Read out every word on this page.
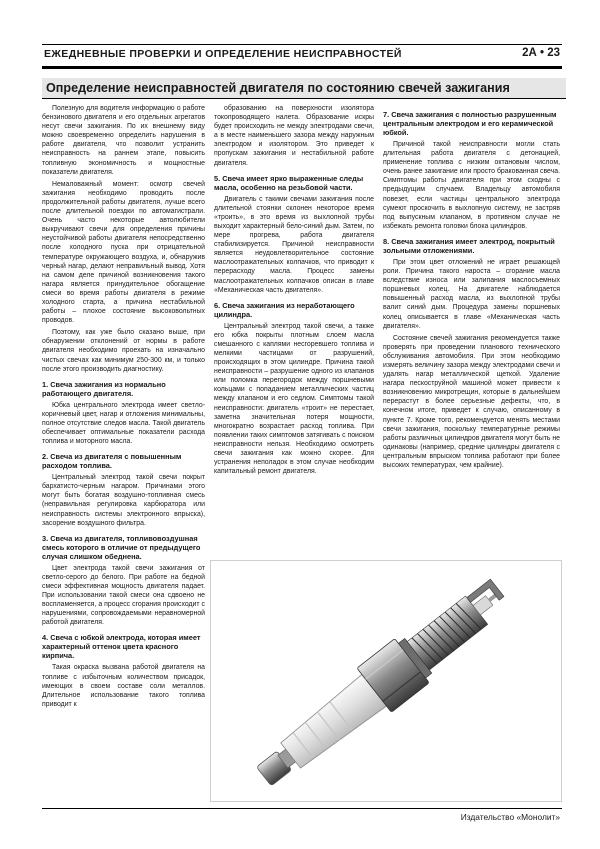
ЕЖЕДНЕВНЫЕ ПРОВЕРКИ И ОПРЕДЕЛЕНИЕ НЕИСПРАВНОСТЕЙ	2А • 23
Определение неисправностей двигателя по состоянию свечей зажигания

Полезную для водителя информацию о работе бензинового двигателя и его отдельных агрегатов несут свечи зажигания. По их внешнему виду можно своевременно определить нарушения в работе двигателя, что позволит устранить неисправность на раннем этапе, повысить топливную экономичность и мощностные показатели двигателя.

Немаловажный момент: осмотр свечей зажигания необходимо проводить после продолжительной работы двигателя, лучше всего после длительной поездки по автомагистрали. Очень часто некоторые автолюбители выкручивают свечи для определения причины неустойчивой работы двигателя непосредственно после холодного пуска при отрицательной температуре окружающего воздуха, и, обнаружив черный нагар, делают неправильный вывод. Хотя на самом деле причиной возникновения такого нагара является принудительное обогащение смеси во время работы двигателя в режиме холодного старта, а причина нестабильной работы – плохое состояние высоковольтных проводов.

Поэтому, как уже было сказано выше, при обнаружении отклонений от нормы в работе двигателя необходимо проехать на изначально чистых свечах как минимум 250-300 км, и только после этого производить диагностику.

1. Свеча зажигания из нормально работающего двигателя.

Юбка центрального электрода имеет светло-коричневый цвет, нагар и отложения минимальны, полное отсутствие следов масла. Такой двигатель обеспечивает оптимальные показатели расхода топлива и моторного масла.

2. Свеча из двигателя с повышенным расходом топлива.

Центральный электрод такой свечи покрыт бархатисто-черным нагаром. Причинами этого могут быть богатая воздушно-топливная смесь (неправильная регулировка карбюратора или неисправность системы электронного впрыска), засорение воздушного фильтра.

3. Свеча из двигателя, топливовоздушная смесь которого в отличие от предыдущего случая слишком обеднена.

Цвет электрода такой свечи зажигания от светло-серого до белого. При работе на бедной смеси эффективная мощность двигателя падает. При использовании такой смеси она сдвоено не воспламеняется, а процесс сгорания происходит с нарушениями, сопровождаемыми неравномерной работой двигателя.

4. Свеча с юбкой электрода, которая имеет характерный оттенок цвета красного кирпича.

Такая окраска вызвана работой двигателя на топливе с избыточным количеством присадок, имеющих в своем составе соли металлов. Длительное использование такого топлива приводит к

образованию на поверхности изолятора токопроводящего налета. Образование искры будет происходить не между электродами свечи, а в месте наименьшего зазора между наружным электродом и изолятором. Это приведет к пропускам зажигания и нестабильной работе двигателя.

5. Свеча имеет ярко выраженные следы масла, особенно на резьбовой части.

Двигатель с такими свечами зажигания после длительной стоянки склонен некоторое время «троить», в это время из выхлопной трубы выходит характерный бело-синий дым. Затем, по мере прогрева, работа двигателя стабилизируется. Причиной неисправности является неудовлетворительное состояние маслоотражательных колпачков, что приводит к перерасходу масла. Процесс замены маслоотражательных колпачков описан в главе «Механическая часть двигателя».

6. Свеча зажигания из неработающего цилиндра.

Центральный электрод такой свечи, а также его юбка покрыты плотным слоем масла смешанного с каплями несгоревшего топлива и мелкими частицами от разрушений, происходящих в этом цилиндре. Причина такой неисправности – разрушение одного из клапанов или поломка перегородок между поршневыми кольцами с попаданием металлических частиц между клапаном и его седлом. Симптомы такой неисправности: двигатель «троит» не перестает, заметна значительная потеря мощности, многократно возрастает расход топлива. При появлении таких симптомов затягивать с поиском неисправности нельзя. Необходимо осмотреть свечи зажигания как можно скорее. Для устранения неполадок в этом случае необходим капитальный ремонт двигателя.

7. Свеча зажигания с полностью разрушенным центральным электродом и его керамической юбкой.

Причиной такой неисправности могли стать длительная работа двигателя с детонацией, применение топлива с низким октановым числом, очень ранее зажигание или просто бракованная свеча. Симптомы работы двигателя при этом сходны с предыдущим случаем. Владельцу автомобиля повезет, если частицы центрального электрода сумеют проскочить в выхлопную систему, не застряв под выпускным клапаном, в противном случае не избежать ремонта головки блока цилиндров.

8. Свеча зажигания имеет электрод, покрытый зольными отложениями.

При этом цвет отложений не играет решающей роли. Причина такого нароста – сгорание масла вследствие износа или залипания маслосъемных поршневых колец. На двигателе наблюдается повышенный расход масла, из выхлопной трубы валит синий дым. Процедура замены поршневых колец описывается в главе «Механическая часть двигателя».

Состояние свечей зажигания рекомендуется также проверять при проведении планового технического обслуживания автомобиля. При этом необходимо измерять величину зазора между электродами свечи и удалять нагар металлической щеткой. Удаление нагара пескоструйной машиной может привести к возникновению микротрещин, которые в дальнейшем перерастут в более серьезные дефекты, что, в конечном итоге, приведет к случаю, описанному в пункте 7. Кроме того, рекомендуется менять местами свечи зажигания, поскольку температурные режимы работы различных цилиндров двигателя могут быть не одинаковы (например, средние цилиндры двигателя с центральным впрыском топлива работают при более высоких температурах, чем крайние).

Издательство «Монолит»
